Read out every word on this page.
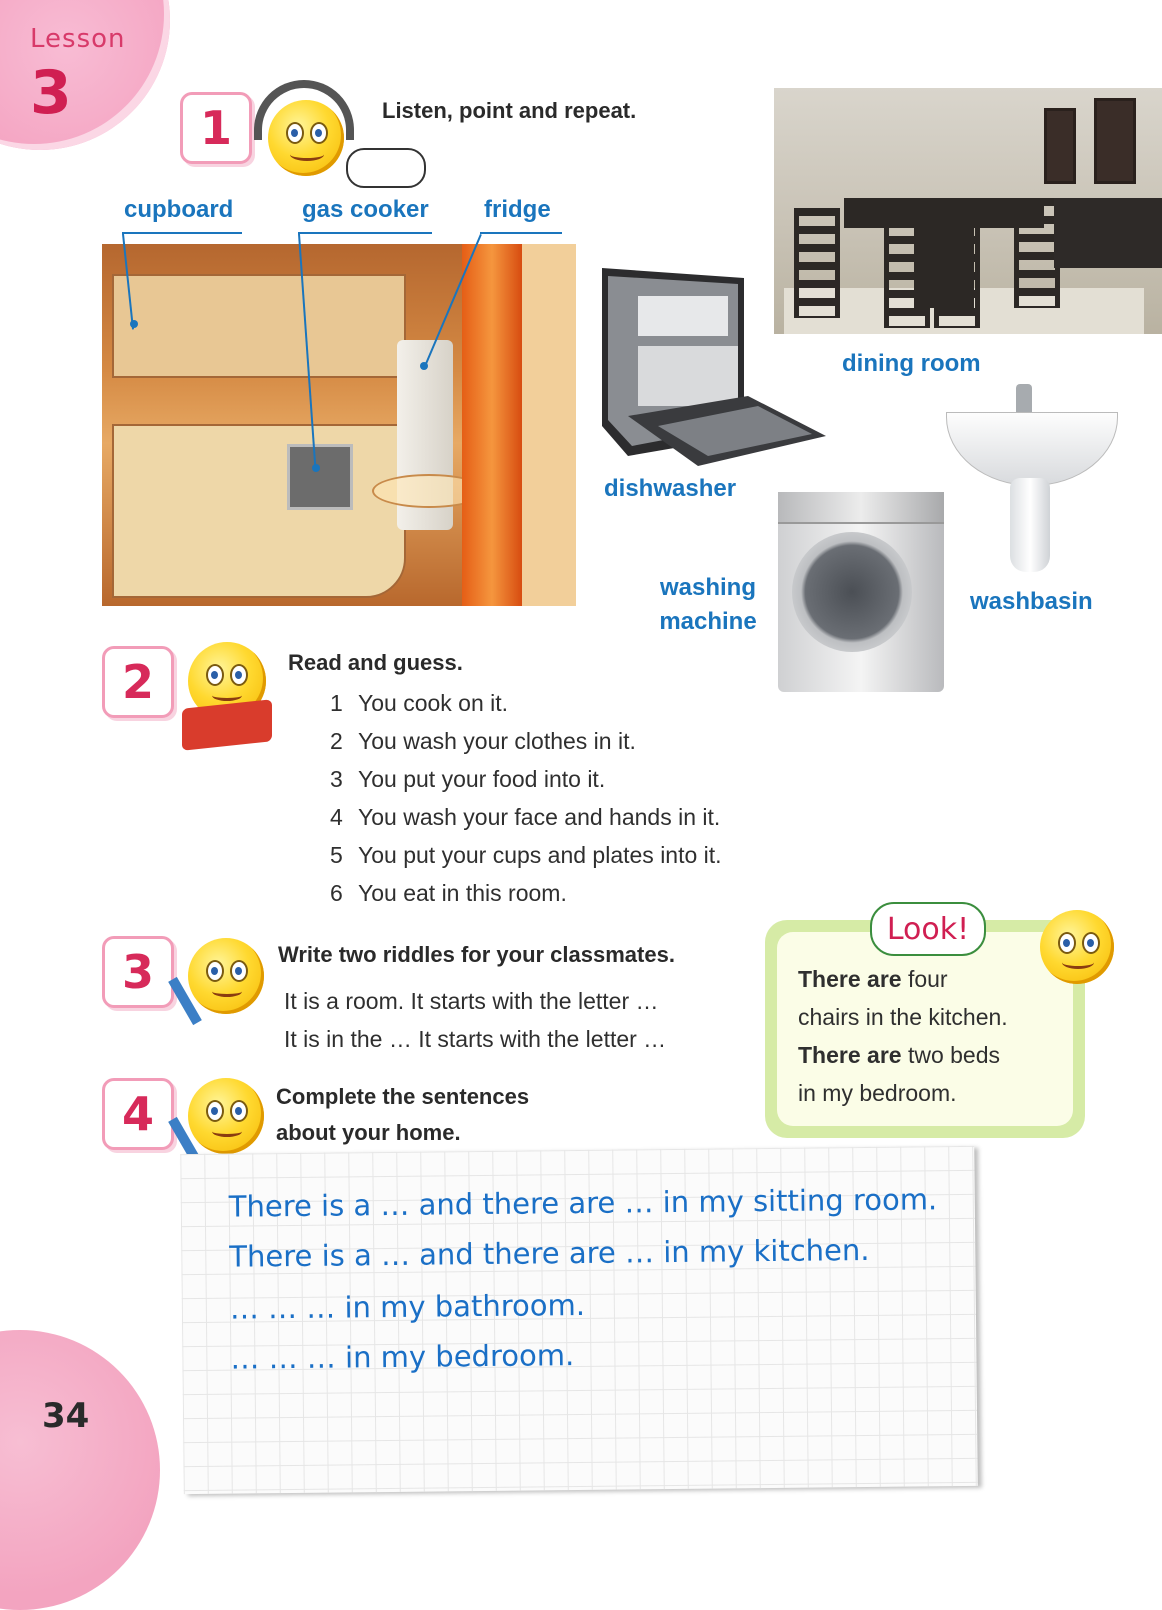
Lesson
3	1	Listen, point and repeat.
cupboard	gas cooker fridge
dining room
dishwasher
washbasin
washing
machine
2	Read and guess.
1 You cook on it.
2 You wash your clothes in it.
3 You put your food into it.
4 You wash your face and hands in it.
5 You put your cups and plates into it.
6 You eat in this room.
3	Write two riddles for your classmates.
It is a room. It starts with the letter …
It is in the … It starts with the letter …
4	Complete the sentences
about your home.
Look!
There are four
chairs in the kitchen.
There are two beds
in my bedroom.
There is a … and there are … in my sitting room.
There is a … and there are … in my kitchen.
… … … in my bathroom.
… … … in my bedroom.
34
